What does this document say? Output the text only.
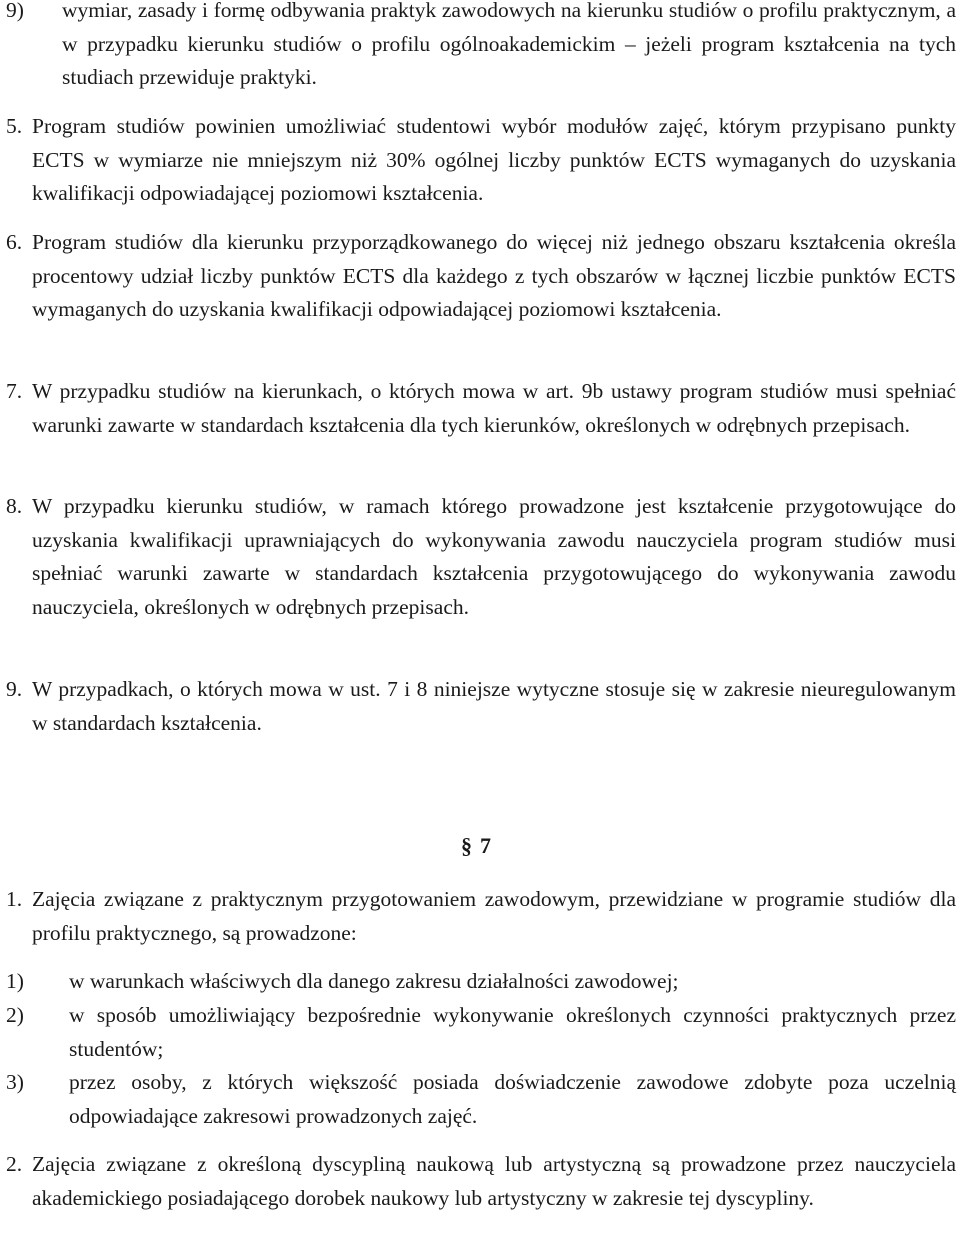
9) wymiar, zasady i formę odbywania praktyk zawodowych na kierunku studiów o profilu praktycznym, a w przypadku kierunku studiów o profilu ogólnoakademickim – jeżeli program kształcenia na tych studiach przewiduje praktyki.
5. Program studiów powinien umożliwiać studentowi wybór modułów zajęć, którym przypisano punkty ECTS w wymiarze nie mniejszym niż 30% ogólnej liczby punktów ECTS wymaganych do uzyskania kwalifikacji odpowiadającej poziomowi kształcenia.
6. Program studiów dla kierunku przyporządkowanego do więcej niż jednego obszaru kształcenia określa procentowy udział liczby punktów ECTS dla każdego z tych obszarów w łącznej liczbie punktów ECTS wymaganych do uzyskania kwalifikacji odpowiadającej poziomowi kształcenia.
7. W przypadku studiów na kierunkach, o których mowa w art. 9b ustawy program studiów musi spełniać warunki zawarte w standardach kształcenia dla tych kierunków, określonych w odrębnych przepisach.
8. W przypadku kierunku studiów, w ramach którego prowadzone jest kształcenie przygotowujące do uzyskania kwalifikacji uprawniających do wykonywania zawodu nauczyciela program studiów musi spełniać warunki zawarte w standardach kształcenia przygotowującego do wykonywania zawodu nauczyciela, określonych w odrębnych przepisach.
9. W przypadkach, o których mowa w ust. 7 i 8 niniejsze wytyczne stosuje się w zakresie nieuregulowanym w standardach kształcenia.
§7
1. Zajęcia związane z praktycznym przygotowaniem zawodowym, przewidziane w programie studiów dla profilu praktycznego, są prowadzone:
1) w warunkach właściwych dla danego zakresu działalności zawodowej;
2) w sposób umożliwiający bezpośrednie wykonywanie określonych czynności praktycznych przez studentów;
3) przez osoby, z których większość posiada doświadczenie zawodowe zdobyte poza uczelnią odpowiadające zakresowi prowadzonych zajęć.
2. Zajęcia związane z określoną dyscypliną naukową lub artystyczną są prowadzone przez nauczyciela akademickiego posiadającego dorobek naukowy lub artystyczny w zakresie tej dyscypliny.
